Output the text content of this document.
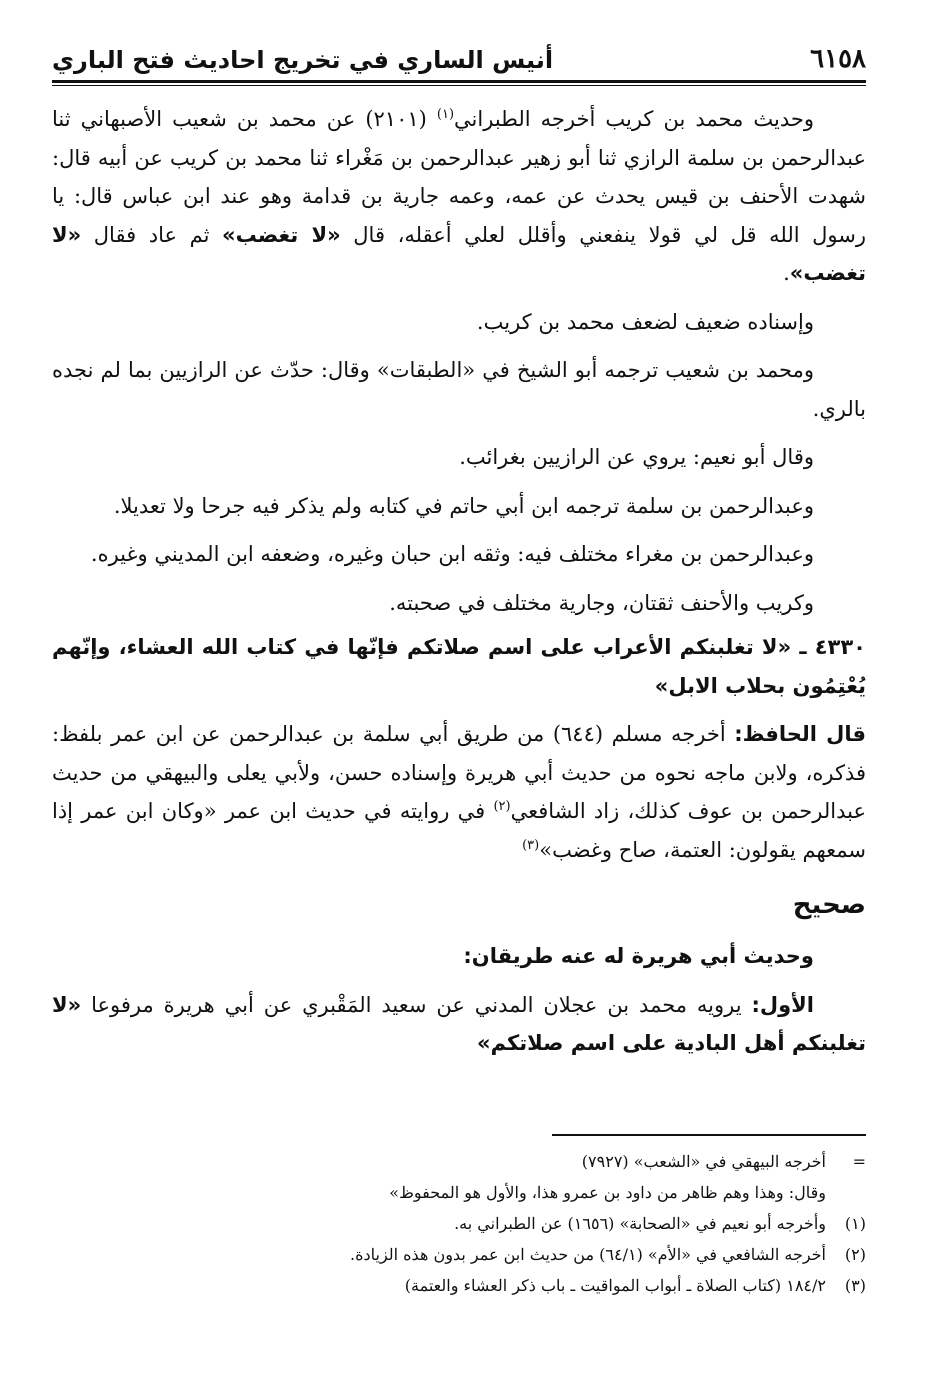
٦١٥٨
أنيس الساري في تخريج احاديث فتح الباري

وحديث محمد بن كريب أخرجه الطبراني$^{(١)}$ (٢١٠١) عن محمد بن شعيب الأصبهاني ثنا عبدالرحمن بن سلمة الرازي ثنا أبو زهير عبدالرحمن بن مَغْراء ثنا محمد بن كريب عن أبيه قال: شهدت الأحنف بن قيس يحدث عن عمه، وعمه جارية بن قدامة وهو عند ابن عباس قال: يا رسول الله قل لي قولا ينفعني وأقلل لعلي أعقله، قال «لا تغضب» ثم عاد فقال «لا تغضب».

وإسناده ضعيف لضعف محمد بن كريب.

ومحمد بن شعيب ترجمه أبو الشيخ في «الطبقات» وقال: حدّث عن الرازيين بما لم نجده بالري.

وقال أبو نعيم: يروي عن الرازيين بغرائب.

وعبدالرحمن بن سلمة ترجمه ابن أبي حاتم في كتابه ولم يذكر فيه جرحا ولا تعديلا.

وعبدالرحمن بن مغراء مختلف فيه: وثقه ابن حبان وغيره، وضعفه ابن المديني وغيره.

وكريب والأحنف ثقتان، وجارية مختلف في صحبته.

٤٣٣٠ ـ «لا تغلبنكم الأعراب على اسم صلاتكم فإنّها في كتاب الله العشاء، وإنّهم يُعْتِمُون بحلاب الابل»

قال الحافظ: أخرجه مسلم (٦٤٤) من طريق أبي سلمة بن عبدالرحمن عن ابن عمر بلفظ: فذكره، ولابن ماجه نحوه من حديث أبي هريرة وإسناده حسن، ولأبي يعلى والبيهقي من حديث عبدالرحمن بن عوف كذلك، زاد الشافعي$^{(٢)}$ في روايته في حديث ابن عمر «وكان ابن عمر إذا سمعهم يقولون: العتمة، صاح وغضب»$^{(٣)}$

صحيح

وحديث أبي هريرة له عنه طريقان:

الأول: يرويه محمد بن عجلان المدني عن سعيد المَقْبري عن أبي هريرة مرفوعا «لا تغلبنكم أهل البادية على اسم صلاتكم»

=
أخرجه البيهقي في «الشعب» (٧٩٢٧)
وقال: وهذا وهم ظاهر من داود بن عمرو هذا، والأول هو المحفوظ»
(١)
وأخرجه أبو نعيم في «الصحابة» (١٦٥٦) عن الطبراني به.
(٢)
أخرجه الشافعي في «الأم» (٦٤/١) من حديث ابن عمر بدون هذه الزيادة.
(٣)
١٨٤/٢ (كتاب الصلاة ـ أبواب المواقيت ـ باب ذكر العشاء والعتمة)
